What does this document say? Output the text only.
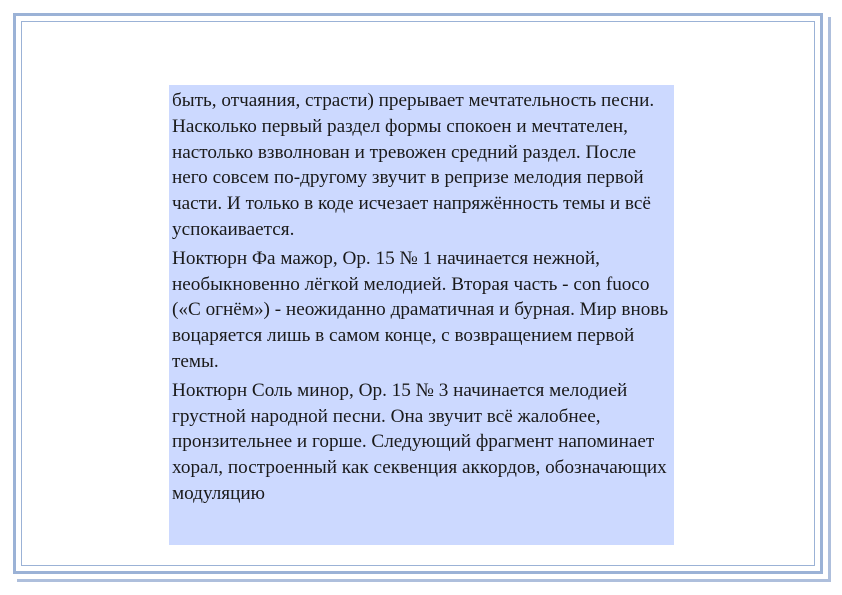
быть, отчаяния, страсти) прерывает мечтательность песни. Насколько первый раздел формы спокоен и мечтателен, настолько взволнован и тревожен средний раздел. После него совсем по-другому звучит в репризе мелодия первой части. И только в коде исчезает напряжённость темы и всё успокаивается.

Ноктюрн Фа мажор, Ор. 15 № 1 начинается нежной, необыкновенно лёгкой мелодией. Вторая часть - con fuoco («С огнём») - неожиданно драматичная и бурная. Мир вновь воцаряется лишь в самом конце, с возвращением первой темы.

Ноктюрн Соль минор, Ор. 15 № 3 начинается мелодией грустной народной песни. Она звучит всё жалобнее, пронзительнее и горше. Следующий фрагмент напоминает хорал, построенный как секвенция аккордов, обозначающих модуляцию
